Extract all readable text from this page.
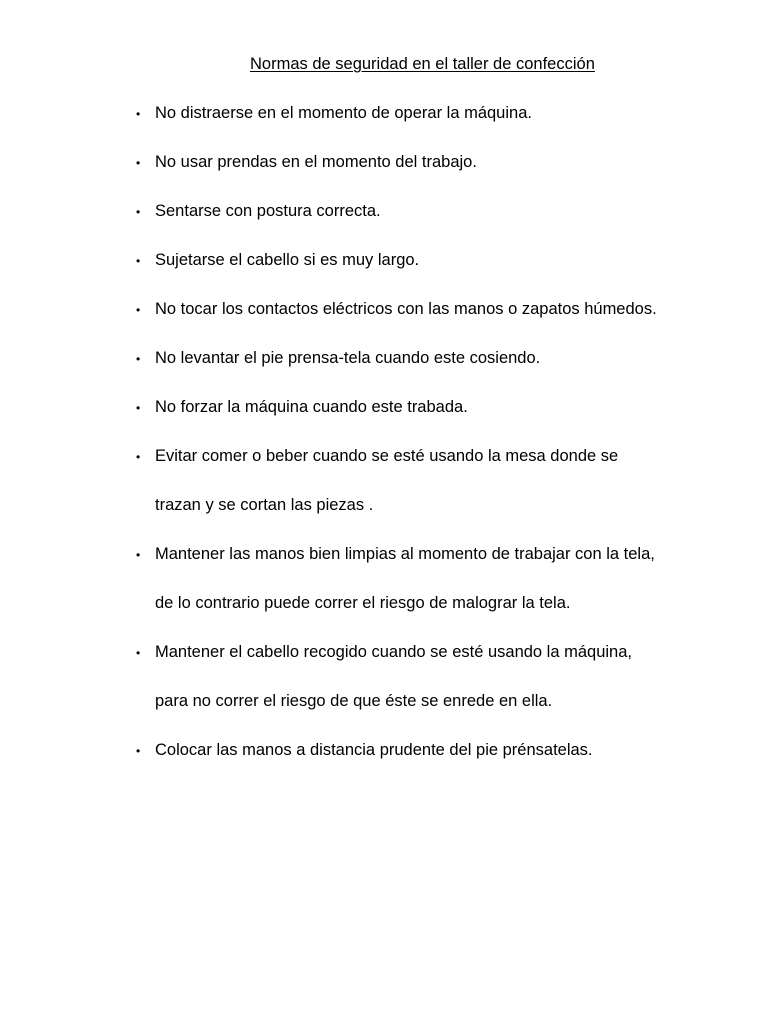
Normas de seguridad en el taller de confección
• No distraerse en el momento de operar la máquina.
• No usar prendas en el momento del trabajo.
• Sentarse con postura correcta.
• Sujetarse el cabello si es muy largo.
• No tocar los contactos eléctricos con las manos o zapatos húmedos.
• No levantar el pie prensa-tela cuando este cosiendo.
• No forzar la máquina cuando este trabada.
• Evitar comer o beber cuando se esté usando la mesa donde se
trazan y se cortan las piezas .
• Mantener las manos bien limpias al momento de trabajar con la tela,
de lo contrario puede correr el riesgo de malograr la tela.
• Mantener el cabello recogido cuando se esté usando la máquina,
para no correr el riesgo de que éste se enrede en ella.
• Colocar las manos a distancia prudente del pie prénsatelas.
